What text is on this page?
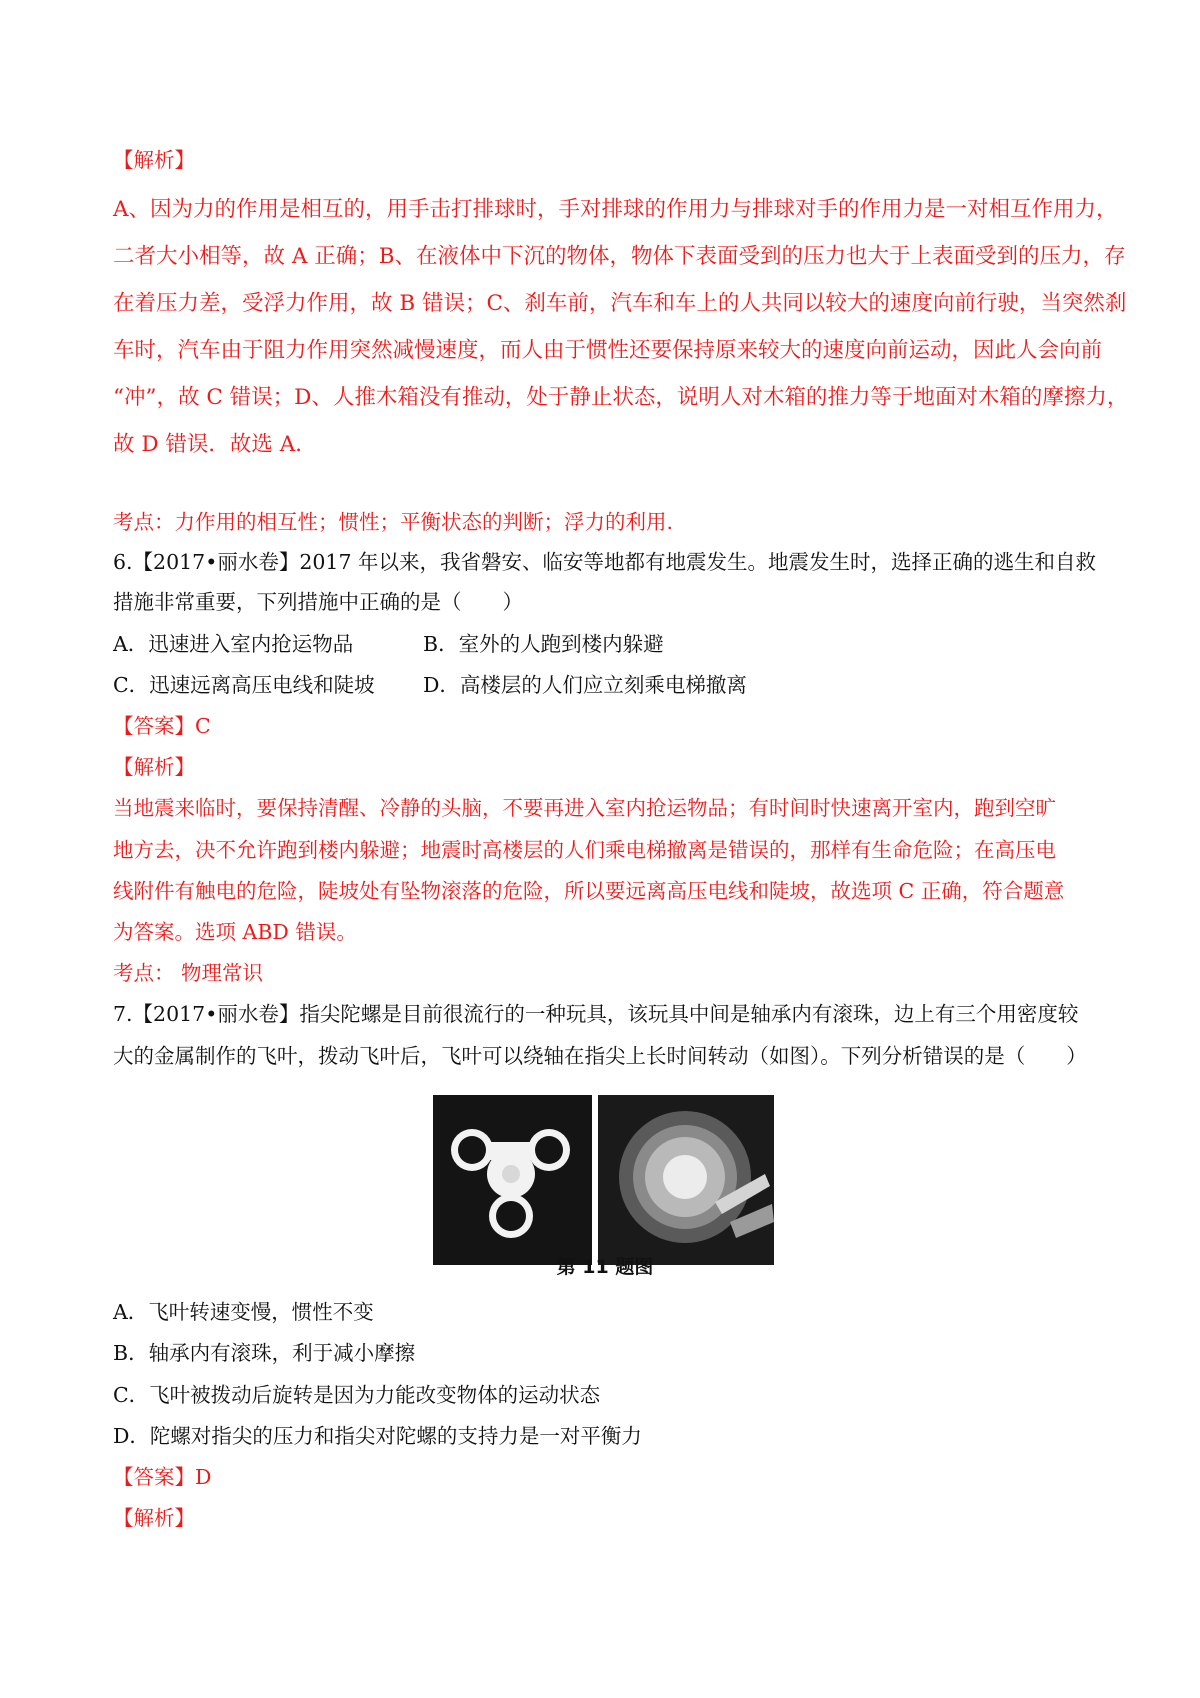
【解析】
A、因为力的作用是相互的，用手击打排球时，手对排球的作用力与排球对手的作用力是一对相互作用力，
二者大小相等，故 A 正确；B、在液体中下沉的物体，物体下表面受到的压力也大于上表面受到的压力，存
在着压力差，受浮力作用，故 B 错误；C、刹车前，汽车和车上的人共同以较大的速度向前行驶，当突然刹
车时，汽车由于阻力作用突然减慢速度，而人由于惯性还要保持原来较大的速度向前运动，因此人会向前
“冲”，故 C 错误；D、人推木箱没有推动，处于静止状态，说明人对木箱的推力等于地面对木箱的摩擦力，
故 D 错误．故选 A．
考点：力作用的相互性；惯性；平衡状态的判断；浮力的利用.
6.【2017•丽水卷】2017 年以来，我省磐安、临安等地都有地震发生。地震发生时，选择正确的逃生和自救
措施非常重要，下列措施中正确的是（　　）
A．迅速进入室内抢运物品	B．室外的人跑到楼内躲避
C．迅速远离高压电线和陡坡 D．高楼层的人们应立刻乘电梯撤离
【答案】C
【解析】
当地震来临时，要保持清醒、冷静的头脑，不要再进入室内抢运物品；有时间时快速离开室内，跑到空旷
地方去，决不允许跑到楼内躲避；地震时高楼层的人们乘电梯撤离是错误的，那样有生命危险；在高压电
线附件有触电的危险，陡坡处有坠物滚落的危险，所以要远离高压电线和陡坡，故选项 C 正确，符合题意
为答案。选项 ABD 错误。
考点： 物理常识
7.【2017•丽水卷】指尖陀螺是目前很流行的一种玩具，该玩具中间是轴承内有滚珠，边上有三个用密度较
大的金属制作的飞叶，拨动飞叶后，飞叶可以绕轴在指尖上长时间转动（如图）。下列分析错误的是（　　）
第 11 题图
A．飞叶转速变慢，惯性不变
B．轴承内有滚珠，利于减小摩擦
C．飞叶被拨动后旋转是因为力能改变物体的运动状态
D．陀螺对指尖的压力和指尖对陀螺的支持力是一对平衡力
【答案】D
【解析】
